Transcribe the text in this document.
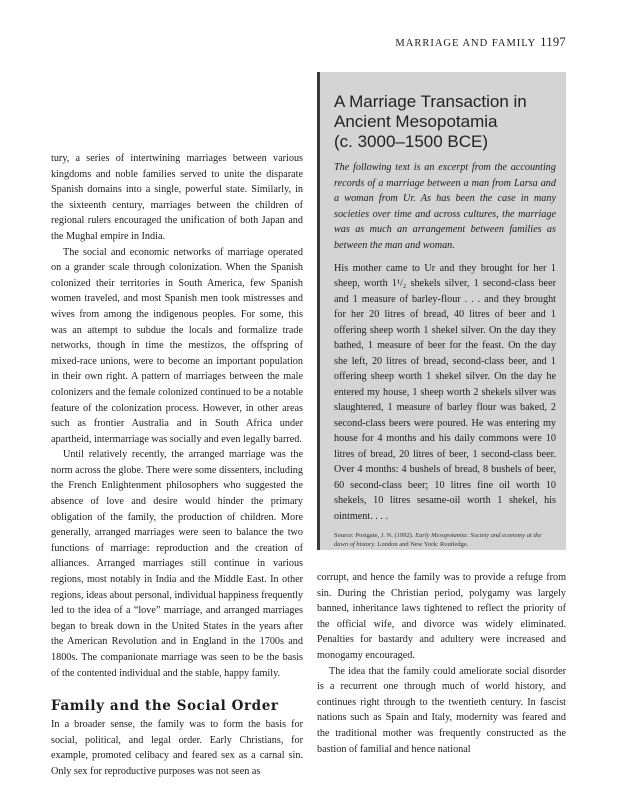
MARRIAGE AND FAMILY 1197
A Marriage Transaction in
Ancient Mesopotamia
(c. 3000–1500 BCE)

The following text is an excerpt from the accounting records of a marriage between a man from Larsa and a woman from Ur. As has been the case in many societies over time and across cultures, the marriage was as much an arrangement between families as between the man and woman.

His mother came to Ur and they brought for her 1 sheep, worth 1¹/₂ shekels silver, 1 second-class beer and 1 measure of barley-flour . . . and they brought for her 20 litres of bread, 40 litres of beer and 1 offering sheep worth 1 shekel silver. On the day they bathed, 1 measure of beer for the feast. On the day she left, 20 litres of bread, second-class beer, and 1 offering sheep worth 1 shekel silver. On the day he entered my house, 1 sheep worth 2 shekels silver was slaughtered, 1 measure of barley flour was baked, 2 second-class beers were poured. He was entering my house for 4 months and his daily commons were 10 litres of bread, 20 litres of beer, 1 second-class beer. Over 4 months: 4 bushels of bread, 8 bushels of beer, 60 second-class beer; 10 litres fine oil worth 10 shekels, 10 litres sesame-oil worth 1 shekel, his ointment. . . .

Source: Postgate, J. N. (1992). Early Mesopotamia: Society and economy at the dawn of history. London and New York: Routledge.

tury, a series of intertwining marriages between various kingdoms and noble families served to unite the disparate Spanish domains into a single, powerful state. Similarly, in the sixteenth century, marriages between the children of regional rulers encouraged the unification of both Japan and the Mughal empire in India.

The social and economic networks of marriage operated on a grander scale through colonization. When the Spanish colonized their territories in South America, few Spanish women traveled, and most Spanish men took mistresses and wives from among the indigenous peoples. For some, this was an attempt to subdue the locals and formalize trade networks, though in time the mestizos, the offspring of mixed-race unions, were to become an important population in their own right. A pattern of marriages between the male colonizers and the female colonized continued to be a notable feature of the colonization process. However, in other areas such as frontier Australia and in South Africa under apartheid, intermarriage was socially and even legally barred.

Until relatively recently, the arranged marriage was the norm across the globe. There were some dissenters, including the French Enlightenment philosophers who suggested the absence of love and desire would hinder the primary obligation of the family, the production of children. More generally, arranged marriages were seen to balance the two functions of marriage: reproduction and the creation of alliances. Arranged marriages still continue in various regions, most notably in India and the Middle East. In other regions, ideas about personal, individual happiness frequently led to the idea of a “love” marriage, and arranged marriages began to break down in the United States in the years after the American Revolution and in England in the 1700s and 1800s. The companionate marriage was seen to be the basis of the contented individual and the stable, happy family.

Family and the Social Order

In a broader sense, the family was to form the basis for social, political, and legal order. Early Christians, for example, promoted celibacy and feared sex as a carnal sin. Only sex for reproductive purposes was not seen as

corrupt, and hence the family was to provide a refuge from sin. During the Christian period, polygamy was largely banned, inheritance laws tightened to reflect the priority of the official wife, and divorce was widely eliminated. Penalties for bastardy and adultery were increased and monogamy encouraged.

The idea that the family could ameliorate social disorder is a recurrent one through much of world history, and continues right through to the twentieth century. In fascist nations such as Spain and Italy, modernity was feared and the traditional mother was frequently constructed as the bastion of familial and hence national
